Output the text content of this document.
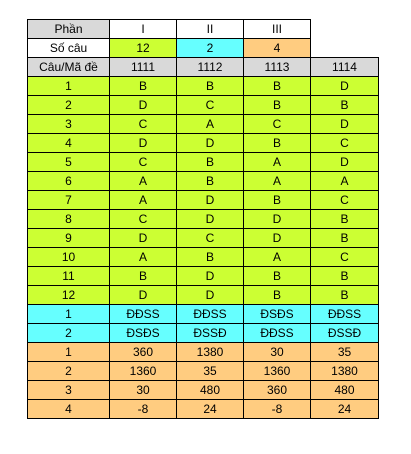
Phần	I	II	III	
Số câu	12	2	4	
Câu/Mã đề	1111	1112	1113	1114
1	B	B	B	D
2	D	C	B	B
3	C	A	C	D
4	D	D	B	C
5	C	B	A	D
6	A	B	A	A
7	A	D	B	C
8	C	D	D	B
9	D	C	D	B
10	A	B	A	C
11	B	D	B	B
12	D	D	B	B
1	ĐĐSS	ĐĐSS	ĐSĐS	ĐĐSS
2	ĐSĐS	ĐSSĐ	ĐĐSS	ĐSSĐ
1	360	1380	30	35
2	1360	35	1360	1380
3	30	480	360	480
4	-8	24	-8	24
